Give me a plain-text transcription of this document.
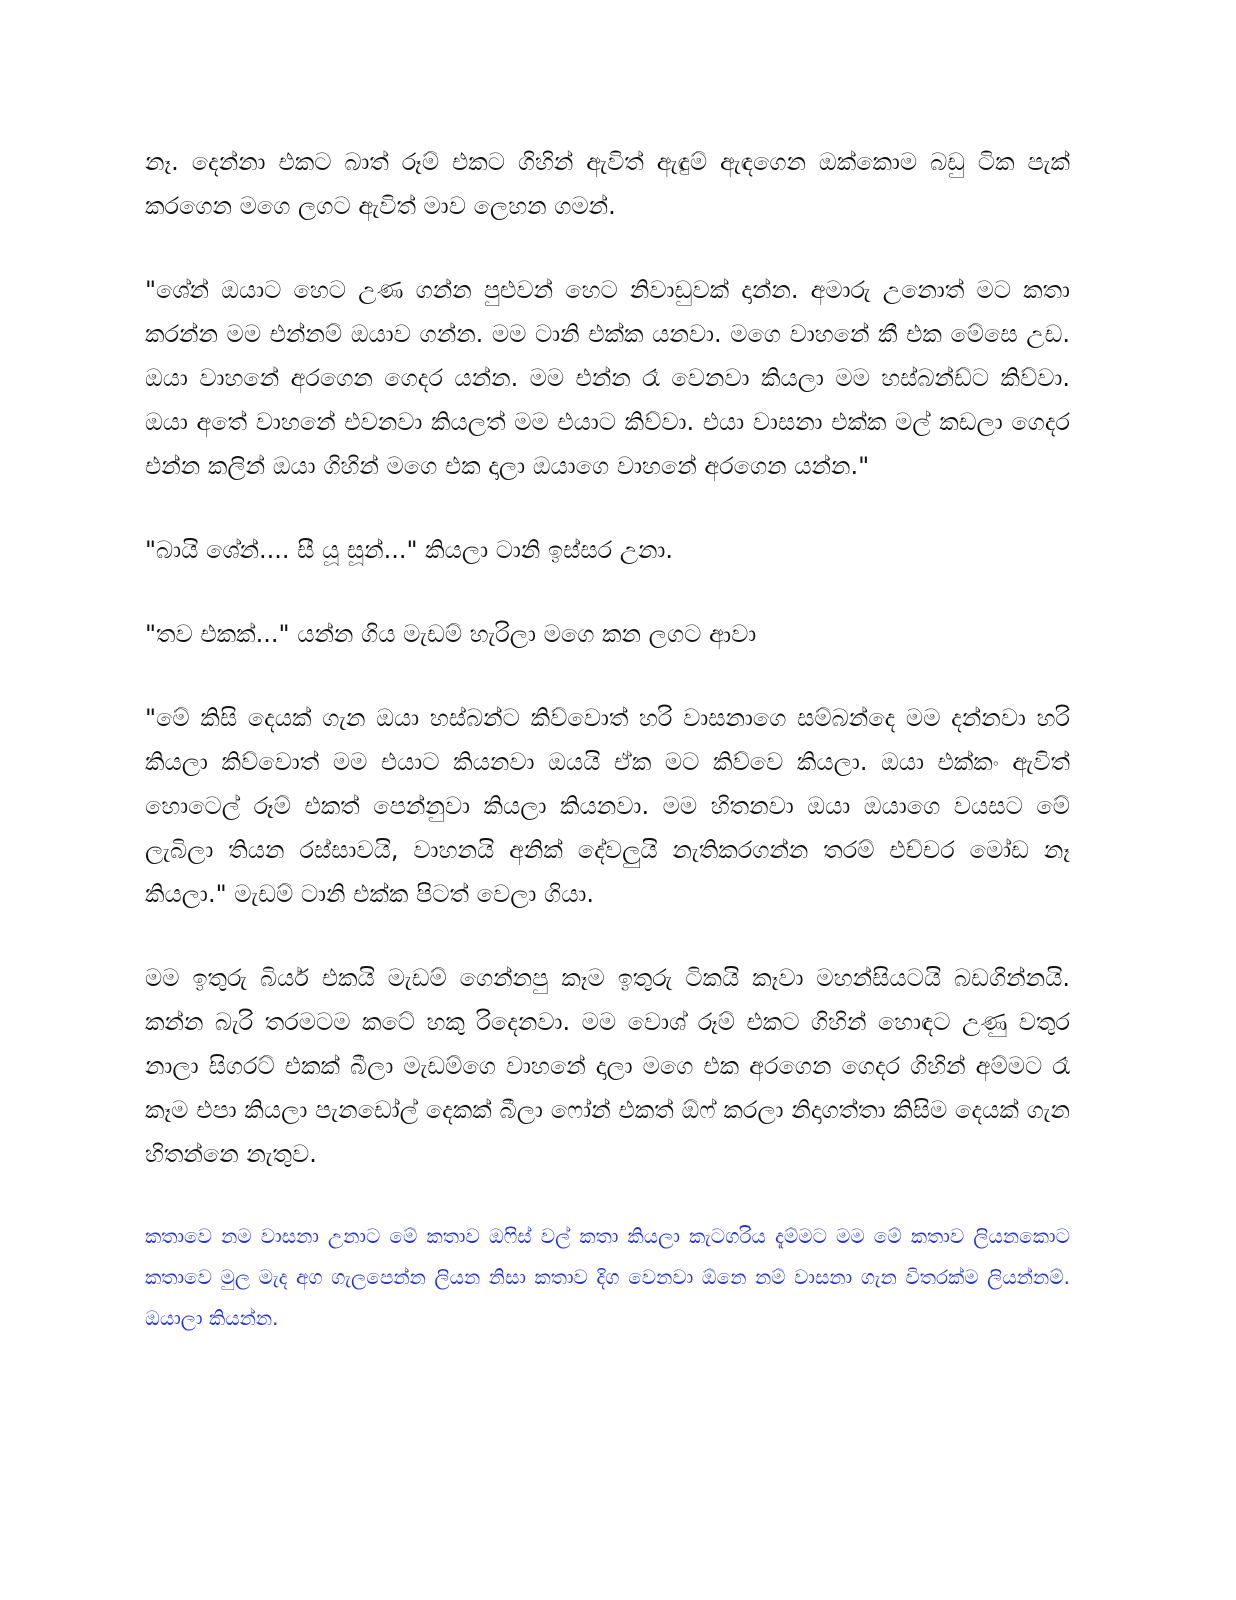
නෑ. දෙන්නා එකට බාත් රූම් එකට ගිහින් ඇවිත් ඇඳුම් ඇඳගෙන ඔක්කොම බඩු ටික පැක් කරගෙන මගෙ ලගට ඇවිත් මාව ලෙහන ගමන්.

"ශේන් ඔයාට හෙට උණ ගන්න පුළුවන් හෙට නිවාඩුවක් දාන්න. අමාරු උනොත් මට කතා කරන්න මම එන්නම් ඔයාව ගන්න. මම ටානි එක්ක යනවා. මගෙ වාහනේ කී එක මේසෙ උඩ. ඔයා වාහනේ අරගෙන ගෙදර යන්න. මම එන්න රෑ වෙනවා කියලා මම හස්බන්ඩ්ට කිව්වා. ඔයා අතේ වාහනේ එවනවා කියලත් මම එයාට කිව්වා. එයා වාසනා එක්ක මල් කඩලා ගෙදර එන්න කලින් ඔයා ගිහින් මගෙ එක දාලා ඔයාගෙ වාහනේ අරගෙන යන්න."

"බායි ශේන්.... සී යූ සූන්..." කියලා ටානි ඉස්සර උනා.

"තව එකක්..." යන්න ගිය මැඩම් හැරිලා මගෙ කන ලගට ආවා

"මේ කිසි දෙයක් ගැන ඔයා හස්බන්ට කිව්වොත් හරි වාසනාගෙ සම්බන්දෙ මම දන්නවා හරි කියලා කිව්වොත් මම එයාට කියනවා ඔයයි ඒක මට කිව්වෙ කියලා. ඔයා එක්කං ඇවිත් හොටෙල් රූම් එකත් පෙන්නුවා කියලා කියනවා. මම හිතනවා ඔයා ඔයාගෙ වයසට මේ ලැබිලා තියන රස්සාවයි, වාහනයි අනික් දේවලුයි නැතිකරගන්න තරම් එච්චර මෝඩ නෑ කියලා." මැඩම් ටානි එක්ක පිටත් වෙලා ගියා.

මම ඉතුරු බියර් එකයි මැඩම් ගෙන්නපු කෑම ඉතුරු ටිකයි කෑවා මහන්සියටයි බඩගින්නයි. කන්න බැරි තරමටම කටේ හකු රිදෙනවා. මම වොශ් රූම් එකට ගිහින් හොඳට උණු වතුර නාලා සිගරට් එකක් බීලා මැඩම්ගෙ වාහනේ දාලා මගෙ එක අරගෙන ගෙදර ගිහින් අම්මට රෑ කෑම එපා කියලා පැනඩෝල් දෙකක් බීලා ෆෝන් එකත් ඕෆ් කරලා නිදාගත්තා කිසිම දෙයක් ගැන හිතන්නෙ නැතුව.

කතාවෙ නම වාසනා උනාට මේ කතාව ඔෆිස් වල් කතා කියලා කැටගරිය දැම්මට මම මේ කතාව ලියනකොට කතාවෙ මුල මැද අග ගැලපෙන්න ලියන නිසා කතාව දිග වෙනවා ඕනෙ නම් වාසනා ගැන විතරක්ම ලියන්නම්. ඔයාලා කියන්න.
